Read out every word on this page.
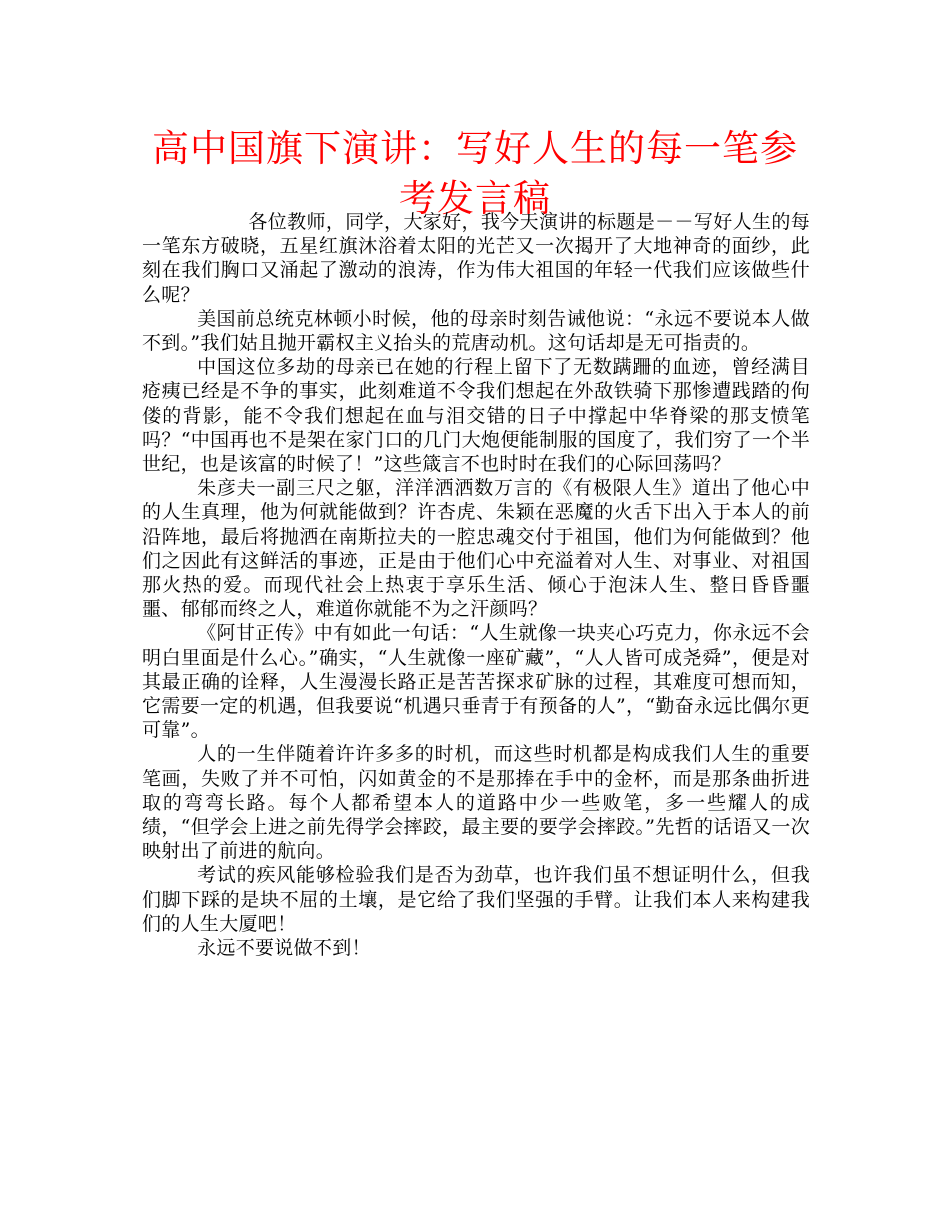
高中国旗下演讲：写好人生的每一笔参考发言稿

各位教师，同学，大家好，我今天演讲的标题是－－写好人生的每一笔东方破晓，五星红旗沐浴着太阳的光芒又一次揭开了大地神奇的面纱，此刻在我们胸口又涌起了激动的浪涛，作为伟大祖国的年轻一代我们应该做些什么呢？

美国前总统克林顿小时候，他的母亲时刻告诫他说：“永远不要说本人做不到。”我们姑且抛开霸权主义抬头的荒唐动机。这句话却是无可指责的。

中国这位多劫的母亲已在她的行程上留下了无数蹒跚的血迹，曾经满目疮痍已经是不争的事实，此刻难道不令我们想起在外敌铁骑下那惨遭践踏的佝偻的背影，能不令我们想起在血与泪交错的日子中撑起中华脊梁的那支愤笔吗？“中国再也不是架在家门口的几门大炮便能制服的国度了，我们穷了一个半世纪，也是该富的时候了！”这些箴言不也时时在我们的心际回荡吗？

朱彦夫一副三尺之躯，洋洋洒洒数万言的《有极限人生》道出了他心中的人生真理，他为何就能做到？许杏虎、朱颖在恶魔的火舌下出入于本人的前沿阵地，最后将抛洒在南斯拉夫的一腔忠魂交付于祖国，他们为何能做到？他们之因此有这鲜活的事迹，正是由于他们心中充溢着对人生、对事业、对祖国那火热的爱。而现代社会上热衷于享乐生活、倾心于泡沫人生、整日昏昏噩噩、郁郁而终之人，难道你就能不为之汗颜吗？

《阿甘正传》中有如此一句话：“人生就像一块夹心巧克力，你永远不会明白里面是什么心。”确实，“人生就像一座矿藏”，“人人皆可成尧舜”，便是对其最正确的诠释，人生漫漫长路正是苦苦探求矿脉的过程，其难度可想而知，它需要一定的机遇，但我要说“机遇只垂青于有预备的人”，“勤奋永远比偶尔更可靠”。

人的一生伴随着许许多多的时机，而这些时机都是构成我们人生的重要笔画，失败了并不可怕，闪如黄金的不是那捧在手中的金杯，而是那条曲折进取的弯弯长路。每个人都希望本人的道路中少一些败笔，多一些耀人的成绩，“但学会上进之前先得学会摔跤，最主要的要学会摔跤。”先哲的话语又一次映射出了前进的航向。

考试的疾风能够检验我们是否为劲草，也许我们虽不想证明什么，但我们脚下踩的是块不屈的土壤，是它给了我们坚强的手臂。让我们本人来构建我们的人生大厦吧！

永远不要说做不到！
